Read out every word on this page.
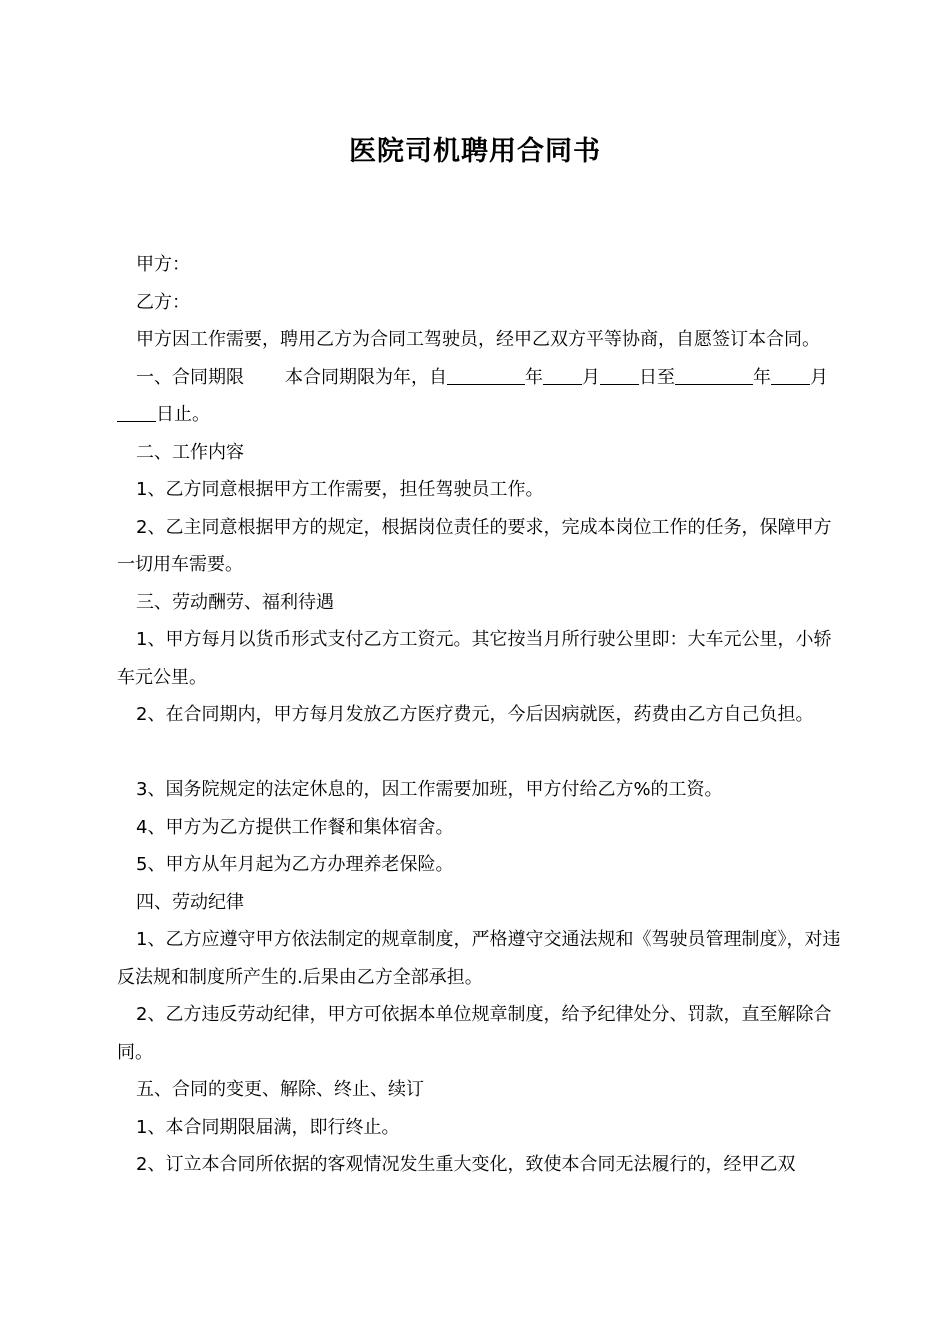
医院司机聘用合同书

甲方：

乙方：

甲方因工作需要，聘用乙方为合同工驾驶员，经甲乙双方平等协商，自愿签订本合同。

一、合同期限 本合同期限为年，自	年 月 日至	年 月日止。

二、工作内容

1、乙方同意根据甲方工作需要，担任驾驶员工作。

2、乙主同意根据甲方的规定，根据岗位责任的要求，完成本岗位工作的任务，保障甲方一切用车需要。

三、劳动酬劳、福利待遇

1、甲方每月以货币形式支付乙方工资元。其它按当月所行驶公里即：大车元公里，小轿车元公里。

2、在合同期内，甲方每月发放乙方医疗费元，今后因病就医，药费由乙方自己负担。

3、国务院规定的法定休息的，因工作需要加班，甲方付给乙方%的工资。

4、甲方为乙方提供工作餐和集体宿舍。

5、甲方从年月起为乙方办理养老保险。

四、劳动纪律

1、乙方应遵守甲方依法制定的规章制度，严格遵守交通法规和《驾驶员管理制度》，对违反法规和制度所产生的.后果由乙方全部承担。

2、乙方违反劳动纪律，甲方可依据本单位规章制度，给予纪律处分、罚款，直至解除合同。

五、合同的变更、解除、终止、续订

1、本合同期限届满，即行终止。

2、订立本合同所依据的客观情况发生重大变化，致使本合同无法履行的，经甲乙双
